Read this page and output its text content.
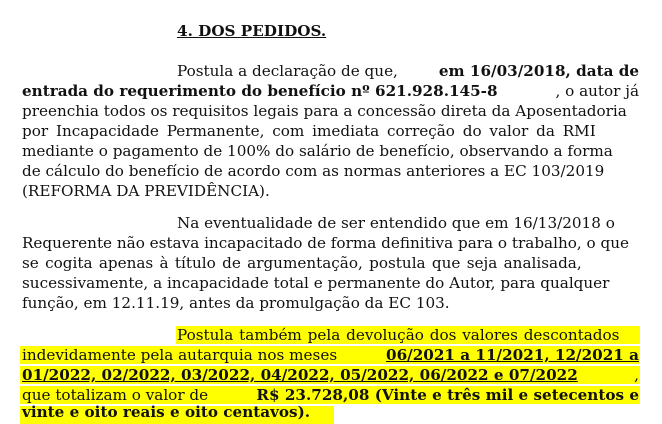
4. DOS PEDIDOS.
Postula a declaração de que,	em 16/03/2018, data de
entrada do requerimento do benefício nº 621.928.145-8	, o autor já
preenchia todos os requisitos legais para a concessão direta da Aposentadoria
por Incapacidade Permanente, com imediata correção do valor da RMI
mediante o pagamento de 100% do salário de benefício, observando a forma
de cálculo do benefício de acordo com as normas anteriores a EC 103/2019
(REFORMA DA PREVIDÊNCIA).
Na eventualidade de ser entendido que em 16/13/2018 o
Requerente não estava incapacitado de forma definitiva para o trabalho, o que
se cogita apenas à título de argumentação, postula que seja analisada,
sucessivamente, a incapacidade total e permanente do Autor, para qualquer
função, em 12.11.19, antes da promulgação da EC 103.
Postula também pela devolução dos valores descontados
indevidamente pela autarquia nos meses	06/2021 a 11/2021, 12/2021 a
01/2022, 02/2022, 03/2022, 04/2022, 05/2022, 06/2022 e 07/2022	,
que totalizam o valor de	R$ 23.728,08 (Vinte e três mil e setecentos e
vinte e oito reais e oito centavos).
